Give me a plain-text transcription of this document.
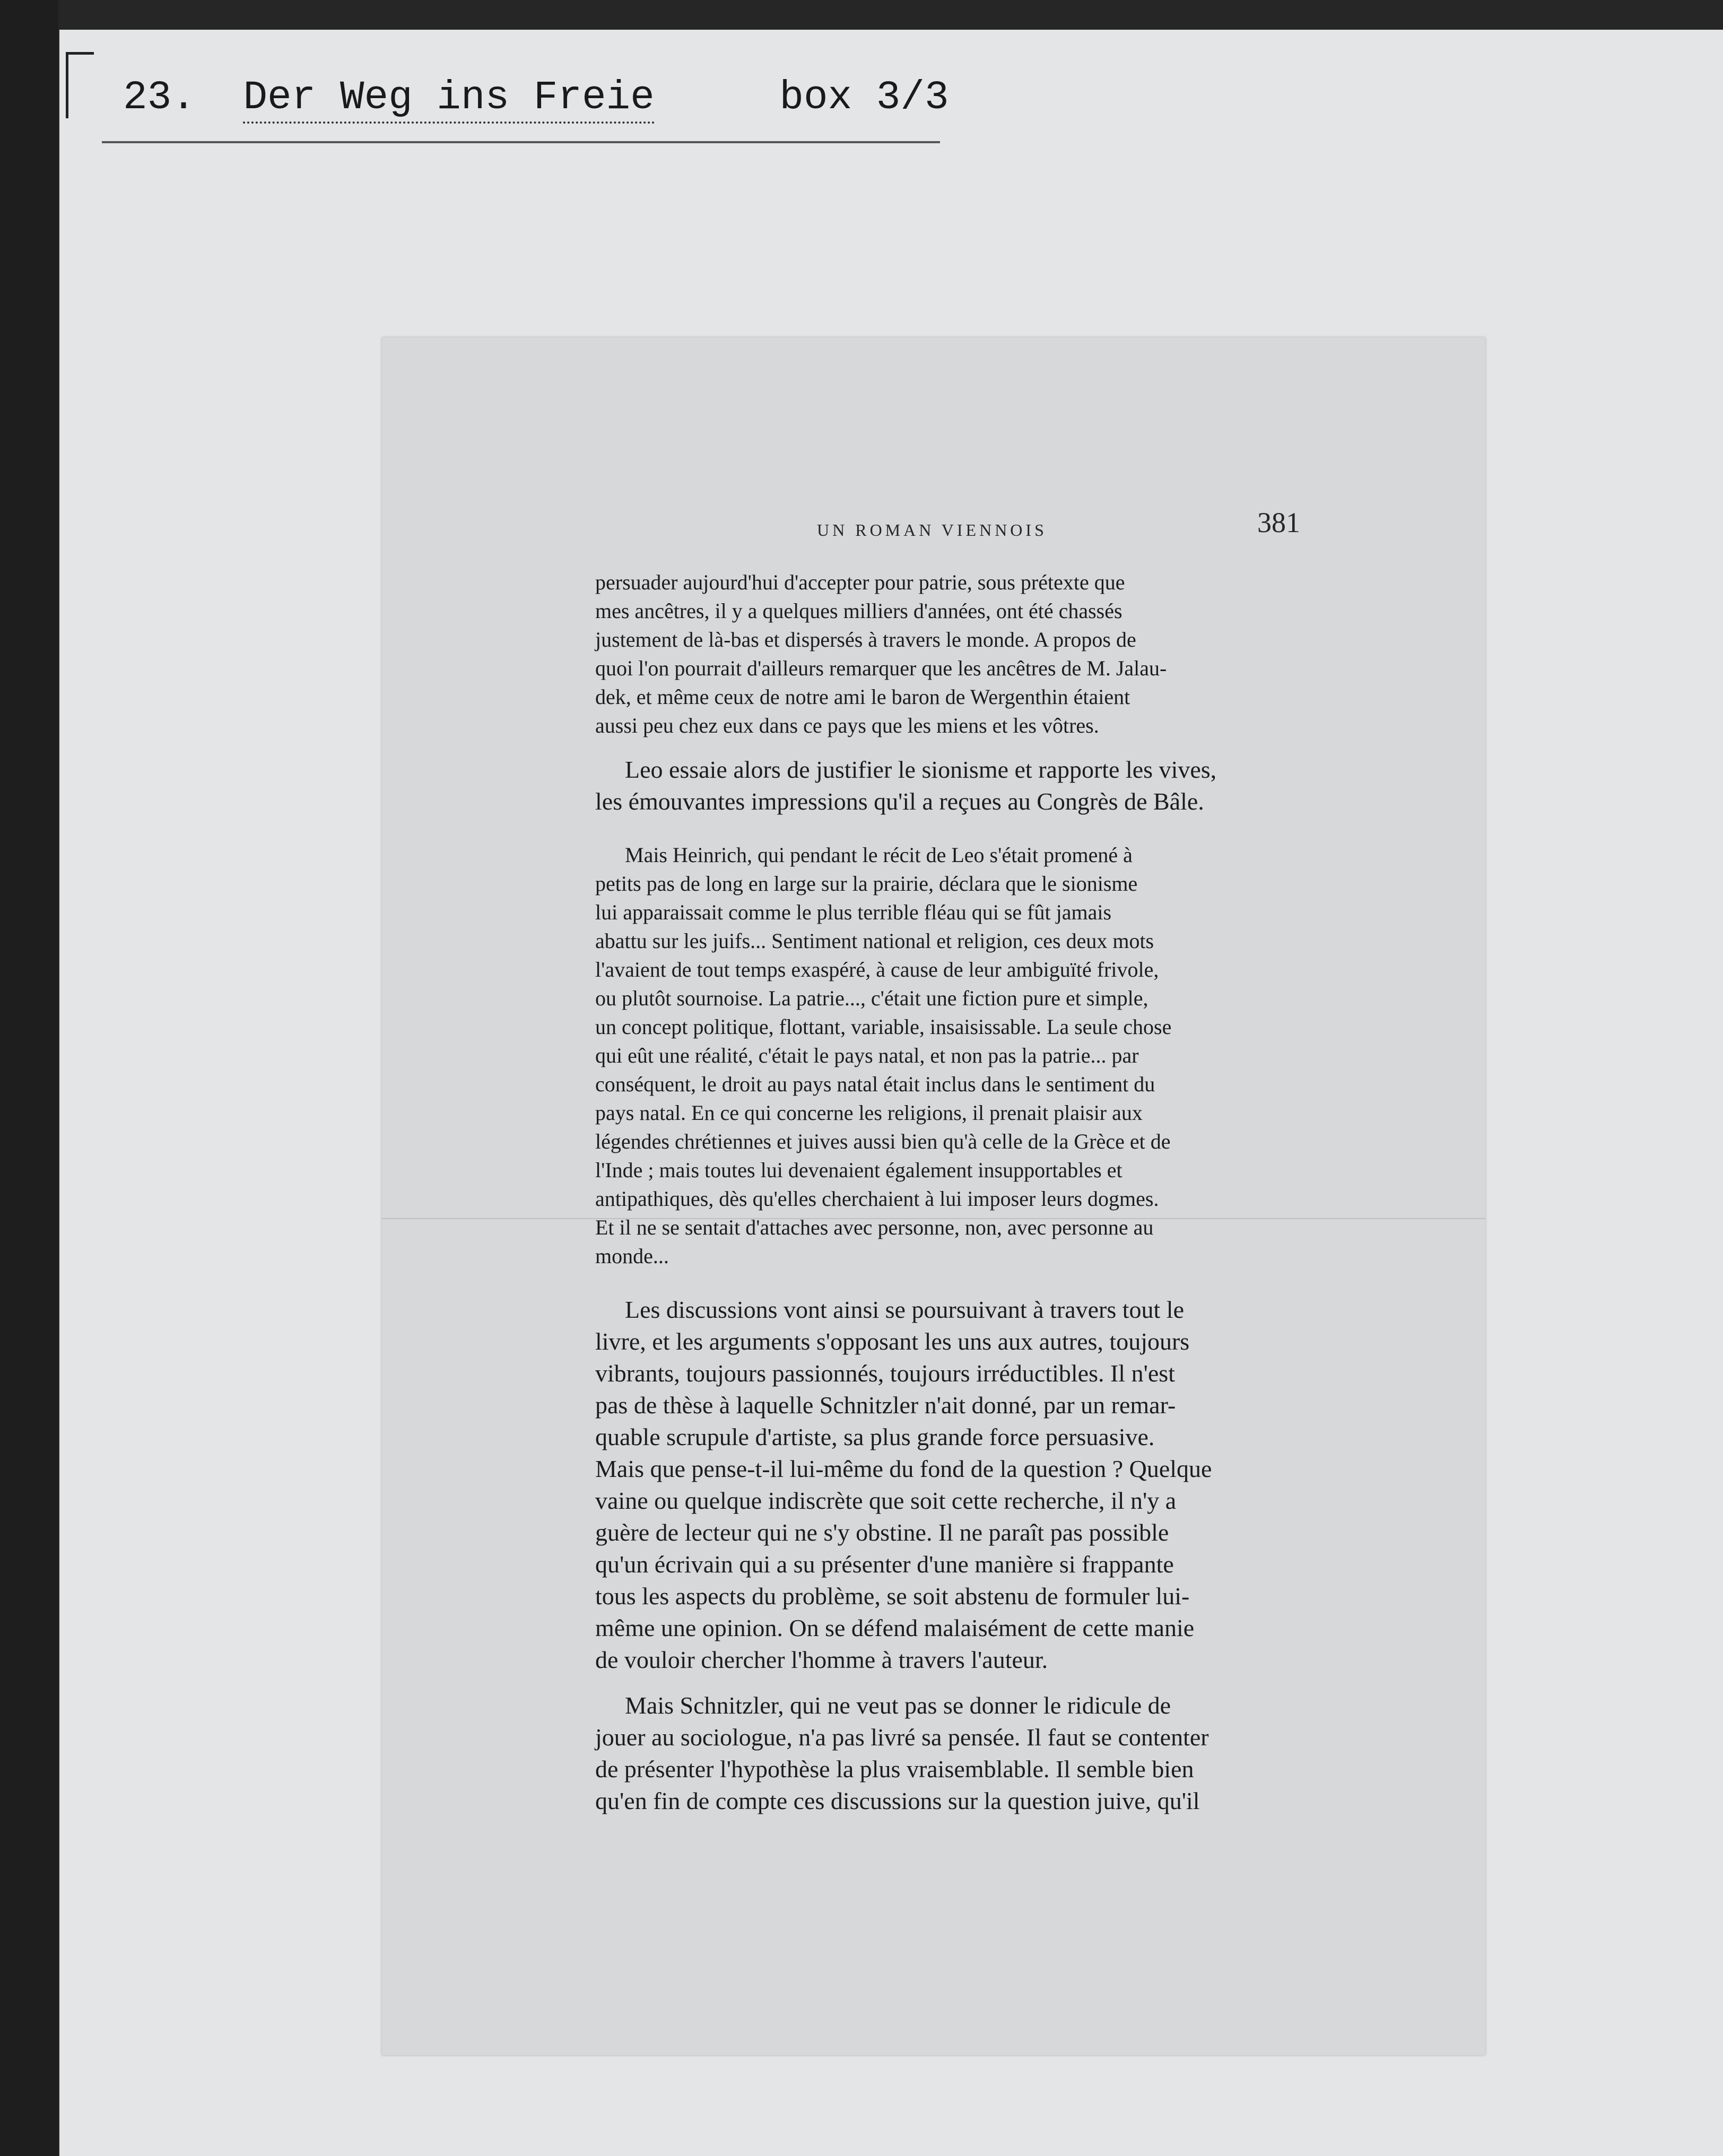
23. Der Weg ins Freie	box 3/3
UN ROMAN VIENNOIS	381

persuader aujourd'hui d'accepter pour patrie, sous prétexte que
mes ancêtres, il y a quelques milliers d'années, ont été chassés
justement de là-bas et dispersés à travers le monde. A propos de
quoi l'on pourrait d'ailleurs remarquer que les ancêtres de M. Jalau-
dek, et même ceux de notre ami le baron de Wergenthin étaient
aussi peu chez eux dans ce pays que les miens et les vôtres.

Leo essaie alors de justifier le sionisme et rapporte les vives,
les émouvantes impressions qu'il a reçues au Congrès de Bâle.

Mais Heinrich, qui pendant le récit de Leo s'était promené à
petits pas de long en large sur la prairie, déclara que le sionisme
lui apparaissait comme le plus terrible fléau qui se fût jamais
abattu sur les juifs... Sentiment national et religion, ces deux mots
l'avaient de tout temps exaspéré, à cause de leur ambiguïté frivole,
ou plutôt sournoise. La patrie..., c'était une fiction pure et simple,
un concept politique, flottant, variable, insaisissable. La seule chose
qui eût une réalité, c'était le pays natal, et non pas la patrie... par
conséquent, le droit au pays natal était inclus dans le sentiment du
pays natal. En ce qui concerne les religions, il prenait plaisir aux
légendes chrétiennes et juives aussi bien qu'à celle de la Grèce et de
l'Inde ; mais toutes lui devenaient également insupportables et
antipathiques, dès qu'elles cherchaient à lui imposer leurs dogmes.
Et il ne se sentait d'attaches avec personne, non, avec personne au
monde...

Les discussions vont ainsi se poursuivant à travers tout le
livre, et les arguments s'opposant les uns aux autres, toujours
vibrants, toujours passionnés, toujours irréductibles. Il n'est
pas de thèse à laquelle Schnitzler n'ait donné, par un remar-
quable scrupule d'artiste, sa plus grande force persuasive.
Mais que pense-t-il lui-même du fond de la question ? Quelque
vaine ou quelque indiscrète que soit cette recherche, il n'y a
guère de lecteur qui ne s'y obstine. Il ne paraît pas possible
qu'un écrivain qui a su présenter d'une manière si frappante
tous les aspects du problème, se soit abstenu de formuler lui-
même une opinion. On se défend malaisément de cette manie
de vouloir chercher l'homme à travers l'auteur.

Mais Schnitzler, qui ne veut pas se donner le ridicule de
jouer au sociologue, n'a pas livré sa pensée. Il faut se contenter
de présenter l'hypothèse la plus vraisemblable. Il semble bien
qu'en fin de compte ces discussions sur la question juive, qu'il
